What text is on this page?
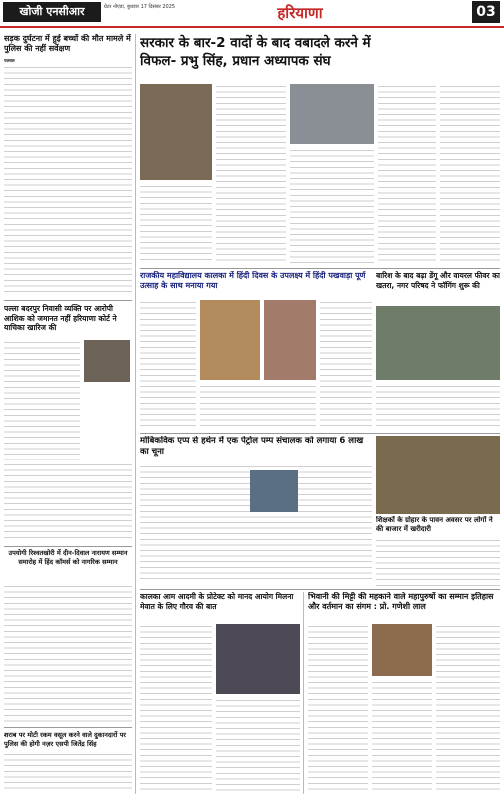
खोजी एनसीआर	ग्रेटर नोएडा, बुधवार 17 दिसंबर 2025	हरियाणा	03
सड़क दुर्घटना में हुई बच्चों की मौत मामले में पुलिस की नहीं सर्वेक्षण
पलवल
पल्ला बदरपुर निवासी व्यक्ति पर आरोपी आशिक को जमानत नहीं हरियाणा कोर्ट ने याचिका खारिज की
उपयोगी रिश्वतखोरी में दीन-दिवाल नारायण सम्मान समारोह में हिंद कॉमर्स को नागरिक सम्मान
शराब पर मोटी रकम वसूल करने वाले दुकानदारों पर पुलिस की होगी नज़र एसपी जितेंद्र सिंह
सरकार के बार-2 वादों के बाद वबादले करने में
विफल- प्रभु सिंह, प्रधान अध्यापक संघ
राजकीय महाविद्यालय कालका में हिंदी दिवस के उपलक्ष्य में हिंदी पखवाड़ा पूर्ण उत्साह के साथ मनाया गया
बारिश के बाद बढ़ा डेंगू और वायरल फीवर का खतरा, नगर परिषद ने फॉगिंग शुरू की
मोबिकविक एप्प से हथेन में एक पेट्रोल पम्प संचालक को लगाया 6 लाख का चूना
शिक्षकों के ग्रोहार के पावन अवसर पर लोगों ने की बाजार में खरीदारी
कालका आम आदमी के प्रोटेक्ट को मानद आयोग मिलना मेवात के लिए गौरव की बात
भिवानी की मिट्टी की महकाने वाले महापुरुषों का सम्मान इतिहास और वर्तमान का संगम : प्रो. गणेशी लाल
